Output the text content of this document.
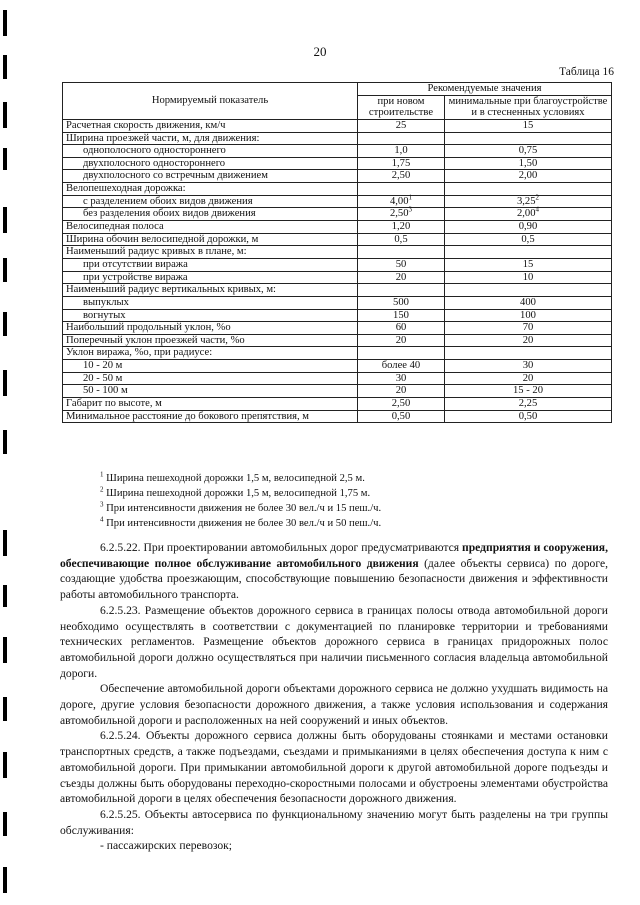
20
Таблица 16
Нормируемый показатель	Рекомендуемые значения	
	при новом строительстве	минимальные при благоустройстве и в стесненных условиях
Расчетная скорость движения, км/ч	25	15
Ширина проезжей части, м, для движения:		
однополосного одностороннего	1,0	0,75
двухполосного одностороннего	1,75	1,50
двухполосного со встречным движением	2,50	2,00
Велопешеходная дорожка:		
с разделением обоих видов движения	4,00$^1$	3,25$^2$
без разделения обоих видов движения	2,50$^3$	2,00$^4$
Велосипедная полоса	1,20	0,90
Ширина обочин велосипедной дорожки, м	0,5	0,5
Наименьший радиус кривых в плане, м:		
при отсутствии виража	50	15
при устройстве виража	20	10
Наименьший радиус вертикальных кривых, м:		
выпуклых	500	400
вогнутых	150	100
Наибольший продольный уклон, %о	60	70
Поперечный уклон проезжей части, %о	20	20
Уклон виража, %о, при радиусе:		
10 - 20 м	более 40	30
20 - 50 м	30	20
50 - 100 м	20	15 - 20
Габарит по высоте, м	2,50	2,25
Минимальное расстояние до бокового препятствия, м	0,50	0,50
$^1$ Ширина пешеходной дорожки 1,5 м, велосипедной 2,5 м.
$^2$ Ширина пешеходной дорожки 1,5 м, велосипедной 1,75 м.
$^3$ При интенсивности движения не более 30 вел./ч и 15 пеш./ч.
$^4$ При интенсивности движения не более 30 вел./ч и 50 пеш./ч.

6.2.5.22. При проектировании автомобильных дорог предусматриваются предприятия и сооружения, обеспечивающие полное обслуживание автомобильного движения (далее объекты сервиса) по дороге, создающие удобства проезжающим, способствующие повышению безопасности движения и эффективности работы автомобильного транспорта.

6.2.5.23. Размещение объектов дорожного сервиса в границах полосы отвода автомобильной дороги необходимо осуществлять в соответствии с документацией по планировке территории и требованиями технических регламентов. Размещение объектов дорожного сервиса в границах придорожных полос автомобильной дороги должно осуществляться при наличии письменного согласия владельца автомобильной дороги.

Обеспечение автомобильной дороги объектами дорожного сервиса не должно ухудшать видимость на дороге, другие условия безопасности дорожного движения, а также условия использования и содержания автомобильной дороги и расположенных на ней сооружений и иных объектов.

6.2.5.24. Объекты дорожного сервиса должны быть оборудованы стоянками и местами остановки транспортных средств, а также подъездами, съездами и примыканиями в целях обеспечения доступа к ним с автомобильной дороги. При примыкании автомобильной дороги к другой автомобильной дороге подъезды и съезды должны быть оборудованы переходно-скоростными полосами и обустроены элементами обустройства автомобильной дороги в целях обеспечения безопасности дорожного движения.

6.2.5.25. Объекты автосервиса по функциональному значению могут быть разделены на три группы обслуживания:

- пассажирских перевозок;
